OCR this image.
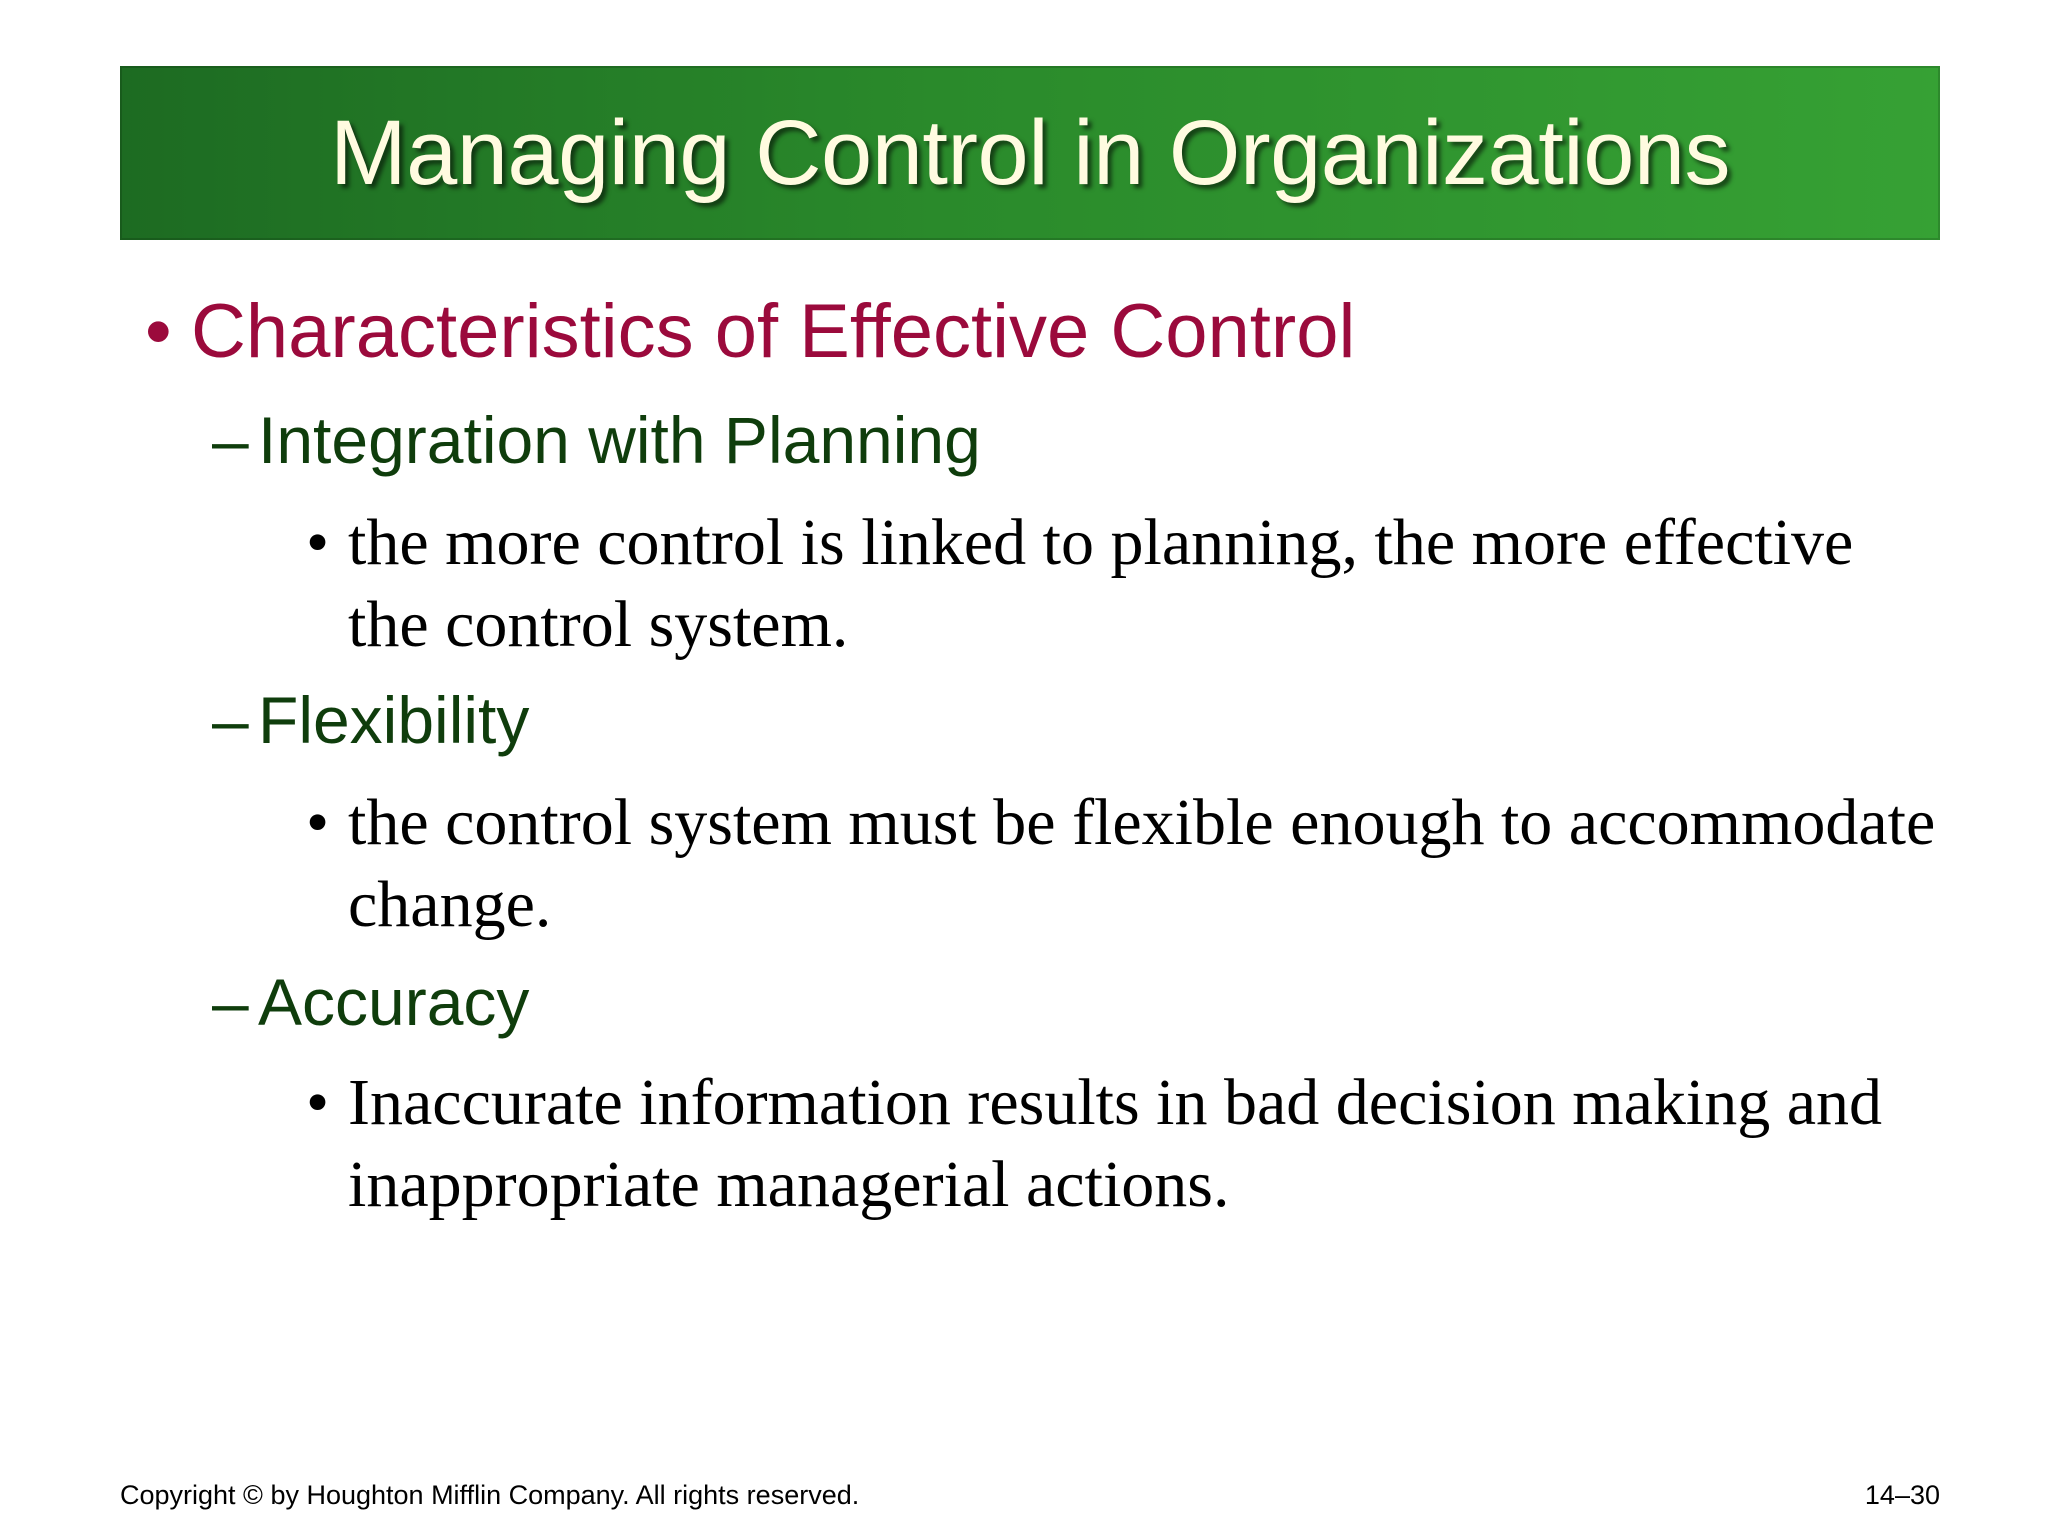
Managing Control in Organizations
• Characteristics of Effective Control
– Integration with Planning
• the more control is linked to planning, the more effective the control system.
– Flexibility
• the control system must be flexible enough to accommodate change.
– Accuracy
• Inaccurate information results in bad decision making and inappropriate managerial actions.
Copyright © by Houghton Mifflin Company. All rights reserved.	14–30
